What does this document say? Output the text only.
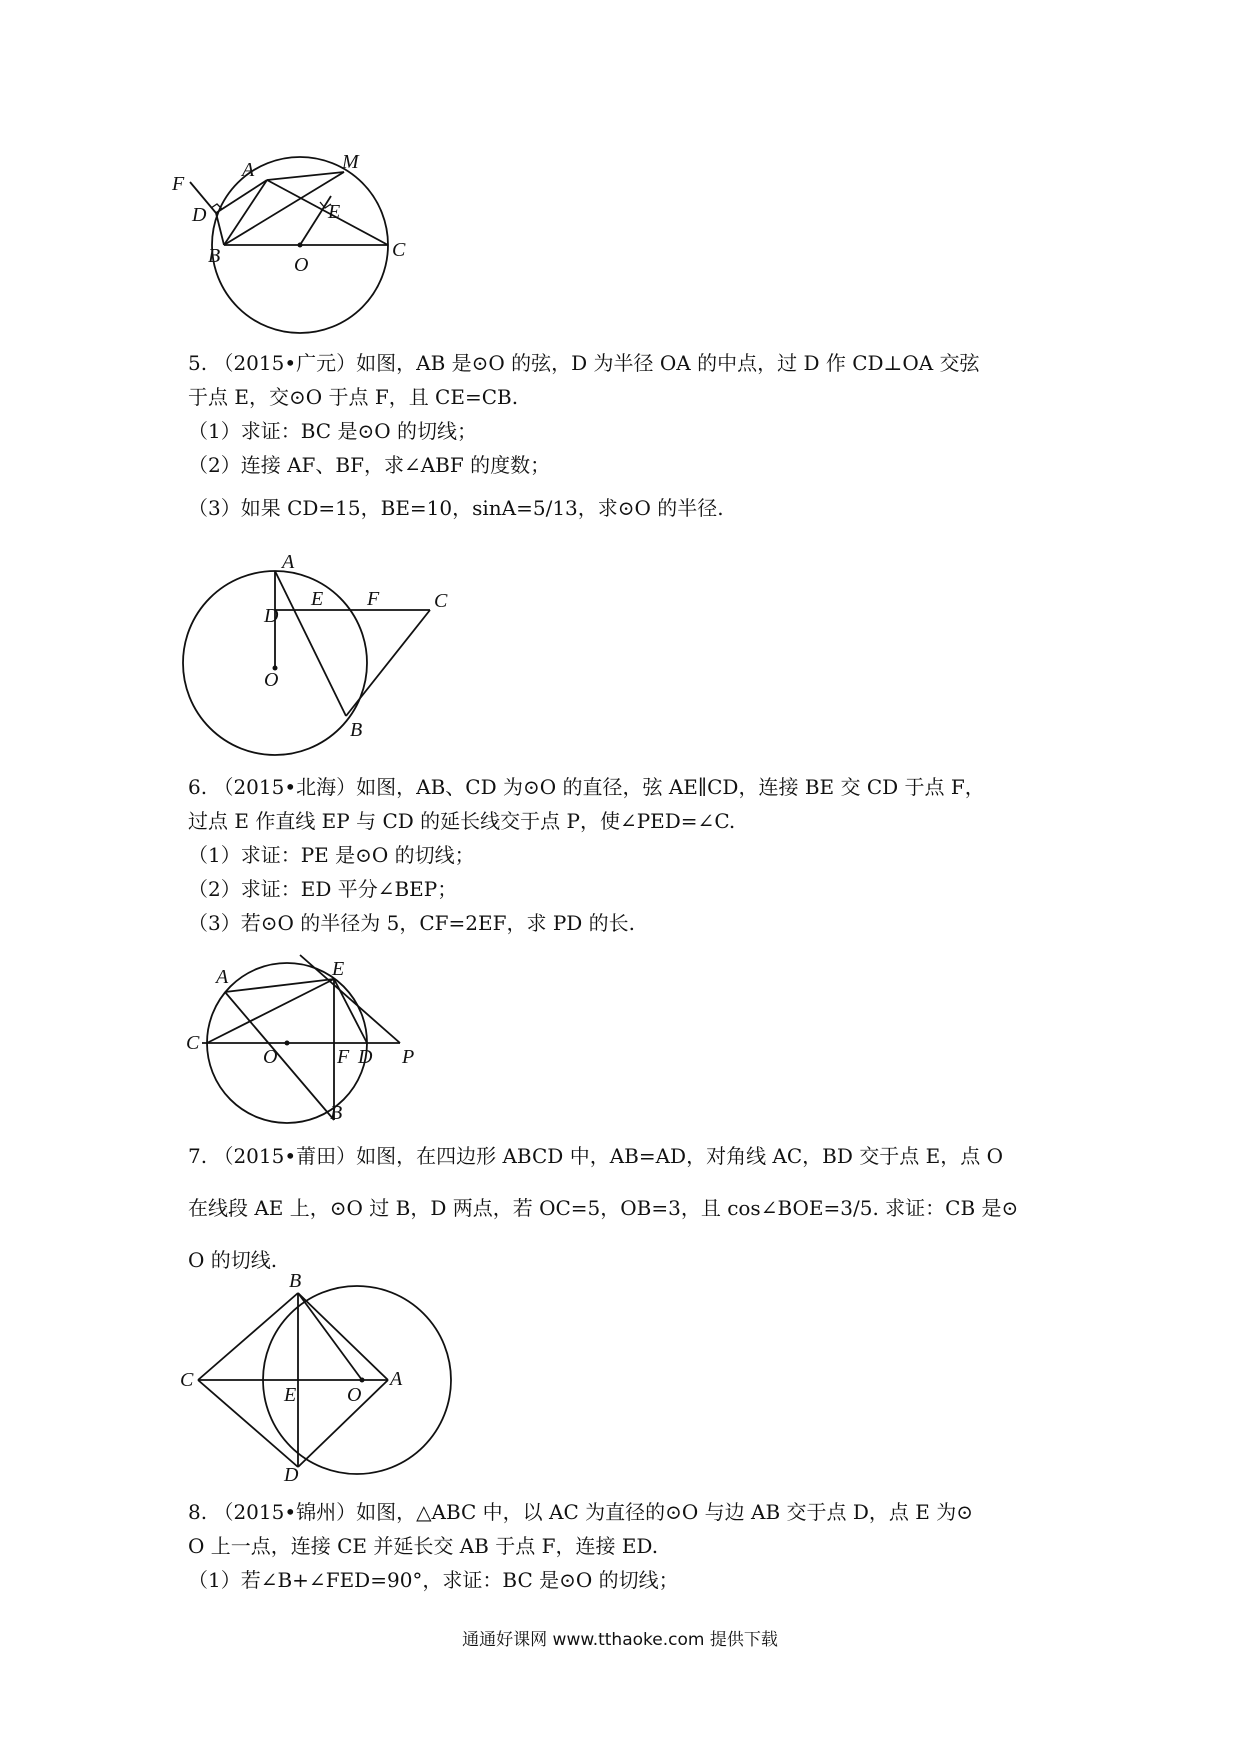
A	M
F
E
D
B	O
C
5. （2015•广元）如图，AB 是⊙O 的弦，D 为半径 OA 的中点，过 D 作 CD⊥OA 交弦
于点 E，交⊙O 于点 F，且 CE=CB.
（1）求证：BC 是⊙O 的切线；
（2）连接 AF、BF，求∠ABF 的度数；
（3）如果 CD=15，BE=10，sinA=5/13，求⊙O 的半径.
A
D
E F	C
O
B
6. （2015•北海）如图，AB、CD 为⊙O 的直径，弦 AE∥CD，连接 BE 交 CD 于点 F，
过点 E 作直线 EP 与 CD 的延长线交于点 P，使∠PED=∠C.
（1）求证：PE 是⊙O 的切线；
（2）求证：ED 平分∠BEP；
（3）若⊙O 的半径为 5，CF=2EF，求 PD 的长.
A	E
C
O	F D P
B
7. （2015•莆田）如图，在四边形 ABCD 中，AB=AD，对角线 AC，BD 交于点 E，点 O
在线段 AE 上，⊙O 过 B，D 两点，若 OC=5，OB=3，且 cos∠BOE=3/5. 求证：CB 是⊙
O 的切线.
B
C
E	O
A
D
8. （2015•锦州）如图，△ABC 中，以 AC 为直径的⊙O 与边 AB 交于点 D，点 E 为⊙
O 上一点，连接 CE 并延长交 AB 于点 F，连接 ED.
（1）若∠B+∠FED=90°，求证：BC 是⊙O 的切线；
通通好课网 www.tthaoke.com 提供下载
